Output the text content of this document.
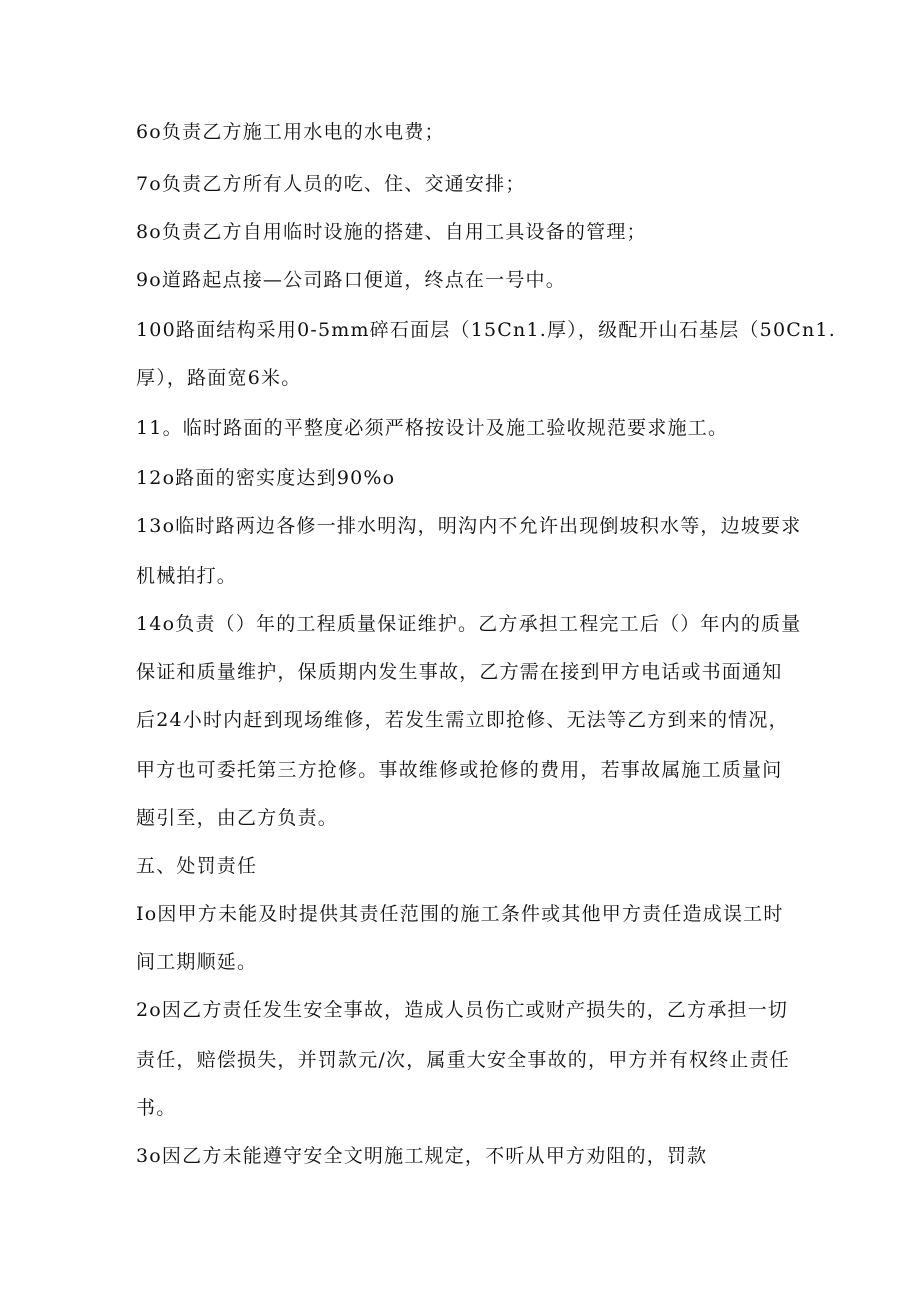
6o负责乙方施工用水电的水电费；
7o负责乙方所有人员的吃、住、交通安排；
8o负责乙方自用临时设施的搭建、自用工具设备的管理；
9o道路起点接—公司路口便道，终点在一号中。
100路面结构采用0-5mm碎石面层（15Cn1.厚），级配开山石基层（50Cn1.
厚），路面宽6米。
11。临时路面的平整度必须严格按设计及施工验收规范要求施工。
12o路面的密实度达到90%o
13o临时路两边各修一排水明沟，明沟内不允许出现倒坡积水等，边坡要求
机械拍打。
14o负责（）年的工程质量保证维护。乙方承担工程完工后（）年内的质量
保证和质量维护，保质期内发生事故，乙方需在接到甲方电话或书面通知
后24小时内赶到现场维修，若发生需立即抢修、无法等乙方到来的情况，
甲方也可委托第三方抢修。事故维修或抢修的费用，若事故属施工质量问
题引至，由乙方负责。
五、处罚责任
Io因甲方未能及时提供其责任范围的施工条件或其他甲方责任造成误工时
间工期顺延。
2o因乙方责任发生安全事故，造成人员伤亡或财产损失的，乙方承担一切
责任，赔偿损失，并罚款元/次，属重大安全事故的，甲方并有权终止责任
书。
3o因乙方未能遵守安全文明施工规定，不听从甲方劝阻的，罚款
